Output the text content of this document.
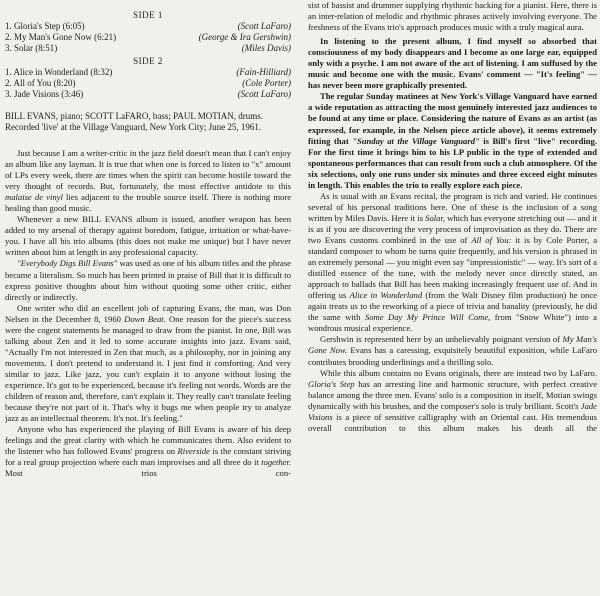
SIDE 1
1. Gloria's Step (6:05)	(Scott LaFaro)
2. My Man's Gone Now (6:21)	(George & Ira Gershwin)
3. Solar (8:51)	(Miles Davis)
SIDE 2
1. Alice in Wonderland (8:32)	(Fain-Hilliard)
2. All of You (8:20)	(Cole Porter)
3. Jade Visions (3:46)	(Scott LaFaro)
BILL EVANS, piano; SCOTT LaFARO, bass; PAUL MOTIAN, drums. Recorded 'live' at the Village Vanguard, New York City; June 25, 1961.

Just because I am a writer-critic in the jazz field doesn't mean that I can't enjoy an album like any layman. It is true that when one is forced to listen to "x" amount of LPs every week, there are times when the spirit can become hostile toward the very thought of records. But, fortunately, the most effective antidote to this malaise de vinyl lies adjacent to the trouble source itself. There is nothing more healing than good music.

Whenever a new BILL EVANS album is issued, another weapon has been added to my arsenal of therapy against boredom, fatigue, irritation or what-have-you. I have all his trio albums (this does not make me unique) but I have never written about him at length in any professional capacity.

"Everybody Digs Bill Evans" was used as one of his album titles and the phrase became a literalism. So much has been printed in praise of Bill that it is difficult to express positive thoughts about him without quoting some other critic, either directly or indirectly.

One writer who did an excellent job of capturing Evans, the man, was Don Nelsen in the December 8, 1960 Down Beat. One reason for the piece's success were the cogent statements he managed to draw from the pianist. In one, Bill was talking about Zen and it led to some accurate insights into jazz. Evans said, "Actually I'm not interested in Zen that much, as a philosophy, nor in joining any movements. I don't pretend to understand it. I just find it comforting. And very similar to jazz. Like jazz, you can't explain it to anyone without losing the experience. It's got to be experienced, because it's feeling not words. Words are the children of reason and, therefore, can't explain it. They really can't translate feeling because they're not part of it. That's why it bugs me when people try to analyze jazz as an intellectual theorem. It's not. It's feeling."

Anyone who has experienced the playing of Bill Evans is aware of his deep feelings and the great clarity with which he communicates them. Also evident to the listener who has followed Evans' progress on Riverside is the constant striving for a real group projection where each man improvises and all three do it together. Most trios con-

sist of bassist and drummer supplying rhythmic backing for a pianist. Here, there is an inter-relation of melodic and rhythmic phrases actively involving everyone. The freshness of the Evans trio's approach produces music with a truly magical aura.

In listening to the present album, I find myself so absorbed that consciousness of my body disappears and I become as one large ear, equipped only with a psyche. I am not aware of the act of listening. I am suffused by the music and become one with the music. Evans' comment — "It's feeling" — has never been more graphically presented.

The regular Sunday matinees at New York's Village Vanguard have earned a wide reputation as attracting the most genuinely interested jazz audiences to be found at any time or place. Considering the nature of Evans as an artist (as expressed, for example, in the Nelsen piece article above), it seems extremely fitting that "Sunday at the Village Vanguard" is Bill's first "live" recording. For the first time it brings him to his LP public in the type of extended and spontaneous performances that can result from such a club atmosphere. Of the six selections, only one runs under six minutes and three exceed eight minutes in length. This enables the trio to really explore each piece.

As is usual with an Evans recital, the program is rich and varied. He continues several of his personal traditions here. One of these is the inclusion of a song written by Miles Davis. Here it is Solar, which has everyone stretching out — and it is as if you are discovering the very process of improvisation as they do. There are two Evans customs combined in the use of All of You: it is by Cole Porter, a standard composer to whom he turns quite frequently, and his version is phrased in an extremely personal — you might even say "impressionistic" — way. It's sort of a distilled essence of the tune, with the melody never once directly stated, an approach to ballads that Bill has been making increasingly frequent use of. And in offering us Alice in Wonderland (from the Walt Disney film production) he once again treats us to the reworking of a piece of trivia and banality (previously, he did the same with Some Day My Prince Will Come, from "Snow White") into a wondrous musical experience.

Gershwin is represented here by an unbelievably poignant version of My Man's Gone Now. Evans has a caressing, exquisitely beautiful exposition, while LaFaro contributes brooding underlinings and a thrilling solo.

While this album contains no Evans originals, there are instead two by LaFaro. Gloria's Step has an arresting line and harmonic structure, with perfect creative balance among the three men. Evans' solo is a composition in itself, Motian swings dynamically with his brushes, and the composer's solo is truly brilliant. Scott's Jade Visions is a piece of sensitive calligraphy with an Oriental cast. His tremendous overall contribution to this album makes his death all the
